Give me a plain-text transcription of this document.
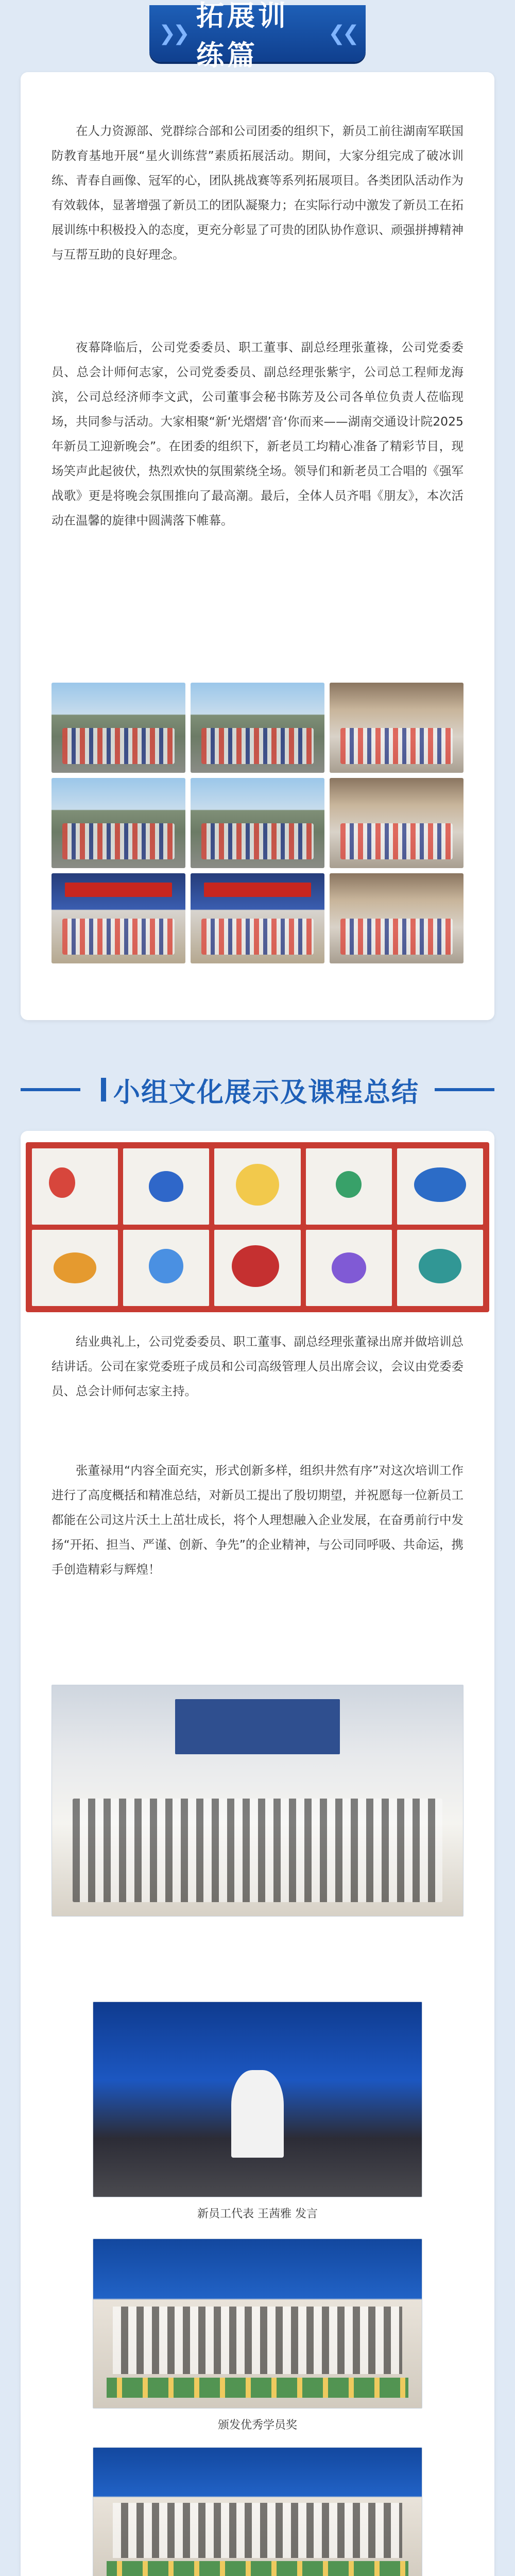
❯❯
拓展训练篇
❮❮

在人力资源部、党群综合部和公司团委的组织下，新员工前往湖南军联国防教育基地开展“星火训练营”素质拓展活动。期间，大家分组完成了破冰训练、青春自画像、冠军的心，团队挑战赛等系列拓展项目。各类团队活动作为有效载体，显著增强了新员工的团队凝聚力；在实际行动中激发了新员工在拓展训练中积极投入的态度，更充分彰显了可贵的团队协作意识、顽强拼搏精神与互帮互助的良好理念。

夜幕降临后，公司党委委员、职工董事、副总经理张董祿，公司党委委员、总会计师何志家，公司党委委员、副总经理张紫宇，公司总工程师龙海滨，公司总经济师李文武，公司董事会秘书陈芳及公司各单位负责人莅临现场，共同参与活动。大家相聚“新‘光熠熠’音‘你而来——湖南交通设计院2025年新员工迎新晚会”。在团委的组织下，新老员工均精心准备了精彩节目，现场笑声此起彼伏，热烈欢快的氛围萦绕全场。领导们和新老员工合唱的《强军战歌》更是将晚会氛围推向了最高潮。最后，全体人员齐唱《朋友》，本次活动在温馨的旋律中圆满落下帷幕。

小组文化展示及课程总结

结业典礼上，公司党委委员、职工董事、副总经理张董禄出席并做培训总结讲话。公司在家党委班子成员和公司高级管理人员出席会议，会议由党委委员、总会计师何志家主持。

张董禄用“内容全面充实，形式创新多样，组织井然有序”对这次培训工作进行了高度概括和精准总结，对新员工提出了殷切期望，并祝愿每一位新员工都能在公司这片沃土上茁壮成长，将个人理想融入企业发展，在奋勇前行中发扬“开拓、担当、严谨、创新、争先”的企业精神，与公司同呼吸、共命运，携手创造精彩与辉煌！

新员工代表 王茜雅 发言
颁发优秀学员奖
